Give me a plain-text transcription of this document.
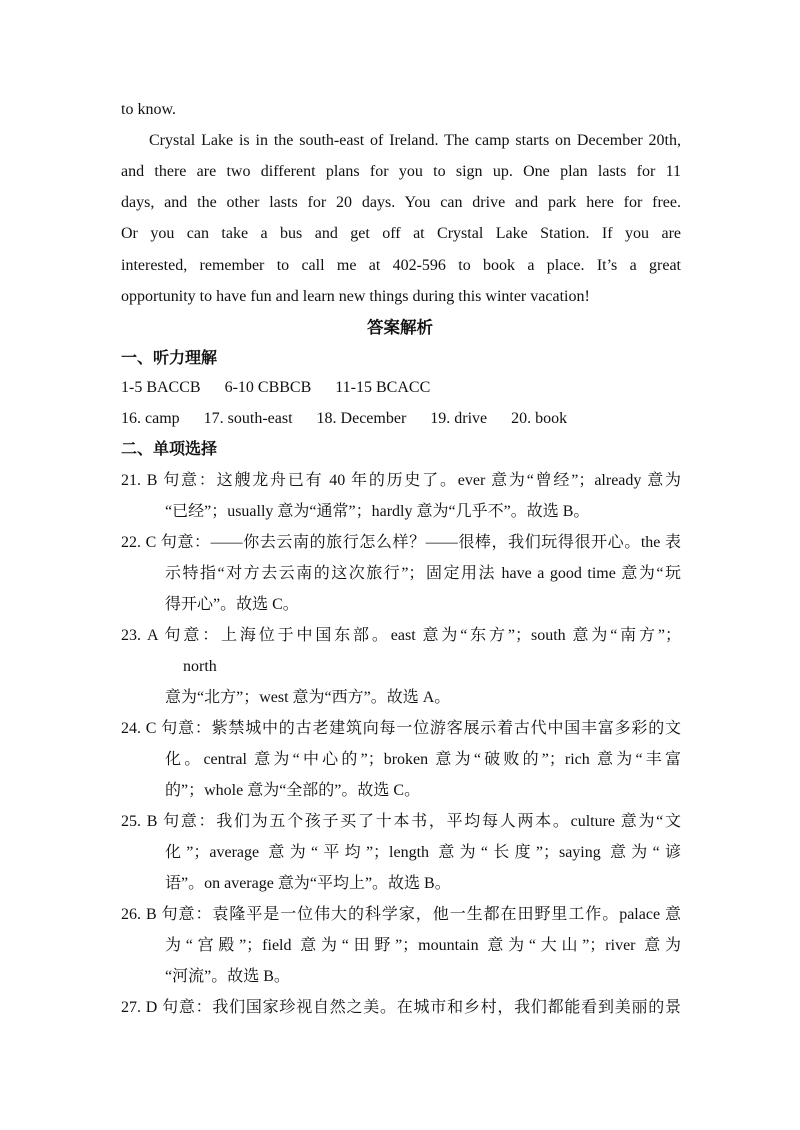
to know.
Crystal Lake is in the south-east of Ireland. The camp starts on December 20th,
and there are two different plans for you to sign up. One plan lasts for 11
days, and the other lasts for 20 days. You can drive and park here for free.
Or you can take a bus and get off at Crystal Lake Station. If you are
interested, remember to call me at 402-596 to book a place. It’s a great
opportunity to have fun and learn new things during this winter vacation!
答案解析
一、听力理解
1-5 BACCB 6-10 CBBCB 11-15 BCACC
16. camp 17. south-east 18. December 19. drive 20. book
二、单项选择
21. B 句意：这艘龙舟已有 40 年的历史了。ever 意为“曾经”；already 意为
“已经”；usually 意为“通常”；hardly 意为“几乎不”。故选 B。
22. C 句意：——你去云南的旅行怎么样？——很棒，我们玩得很开心。the 表
示特指“对方去云南的这次旅行”；固定用法 have a good time 意为“玩
得开心”。故选 C。
23. A 句意：上海位于中国东部。east 意为“东方”；south 意为“南方”；
north
意为“北方”；west 意为“西方”。故选 A。
24. C 句意：紫禁城中的古老建筑向每一位游客展示着古代中国丰富多彩的文
化。central 意为“中心的”；broken 意为“破败的”；rich 意为“丰富
的”；whole 意为“全部的”。故选 C。
25. B 句意：我们为五个孩子买了十本书，平均每人两本。culture 意为“文
化”；average 意为“平均”；length 意为“长度”；saying 意为“谚
语”。on average 意为“平均上”。故选 B。
26. B 句意：袁隆平是一位伟大的科学家，他一生都在田野里工作。palace 意
为“宫殿”；field 意为“田野”；mountain 意为“大山”；river 意为
“河流”。故选 B。
27. D 句意：我们国家珍视自然之美。在城市和乡村，我们都能看到美丽的景
